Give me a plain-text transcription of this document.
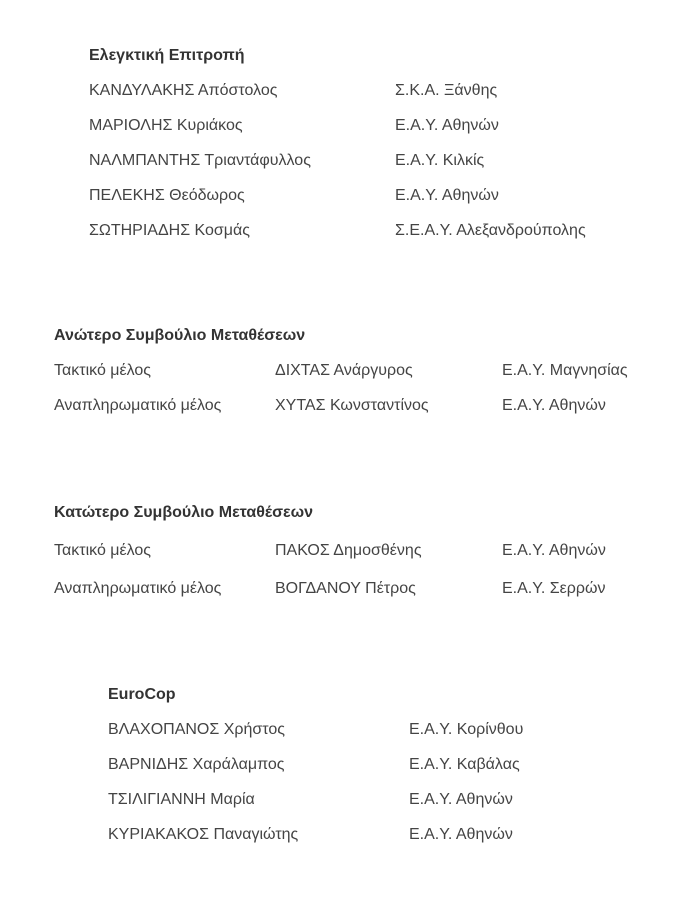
Ελεγκτική Επιτροπή
ΚΑΝΔΥΛΑΚΗΣ Απόστολος	Σ.Κ.Α. Ξάνθης
ΜΑΡΙΟΛΗΣ Κυριάκος	Ε.Α.Υ. Αθηνών
ΝΑΛΜΠΑΝΤΗΣ Τριαντάφυλλος	Ε.Α.Υ. Κιλκίς
ΠΕΛΕΚΗΣ Θεόδωρος	Ε.Α.Υ. Αθηνών
ΣΩΤΗΡΙΑΔΗΣ Κοσμάς	Σ.Ε.Α.Υ. Αλεξανδρούπολης
Ανώτερο Συμβούλιο Μεταθέσεων
Τακτικό μέλος	ΔΙΧΤΑΣ Ανάργυρος	Ε.Α.Υ. Μαγνησίας
Αναπληρωματικό μέλος	ΧΥΤΑΣ Κωνσταντίνος	Ε.Α.Υ. Αθηνών
Κατώτερο Συμβούλιο Μεταθέσεων
Τακτικό μέλος	ΠΑΚΟΣ Δημοσθένης	Ε.Α.Υ. Αθηνών
Αναπληρωματικό μέλος	ΒΟΓΔΑΝΟΥ Πέτρος	Ε.Α.Υ. Σερρών
EuroCop
ΒΛΑΧΟΠΑΝΟΣ Χρήστος	Ε.Α.Υ. Κορίνθου
ΒΑΡΝΙΔΗΣ Χαράλαμπος	Ε.Α.Υ. Καβάλας
ΤΣΙΛΙΓΙΑΝΝΗ Μαρία	Ε.Α.Υ. Αθηνών
ΚΥΡΙΑΚΑΚΟΣ Παναγιώτης	Ε.Α.Υ. Αθηνών
